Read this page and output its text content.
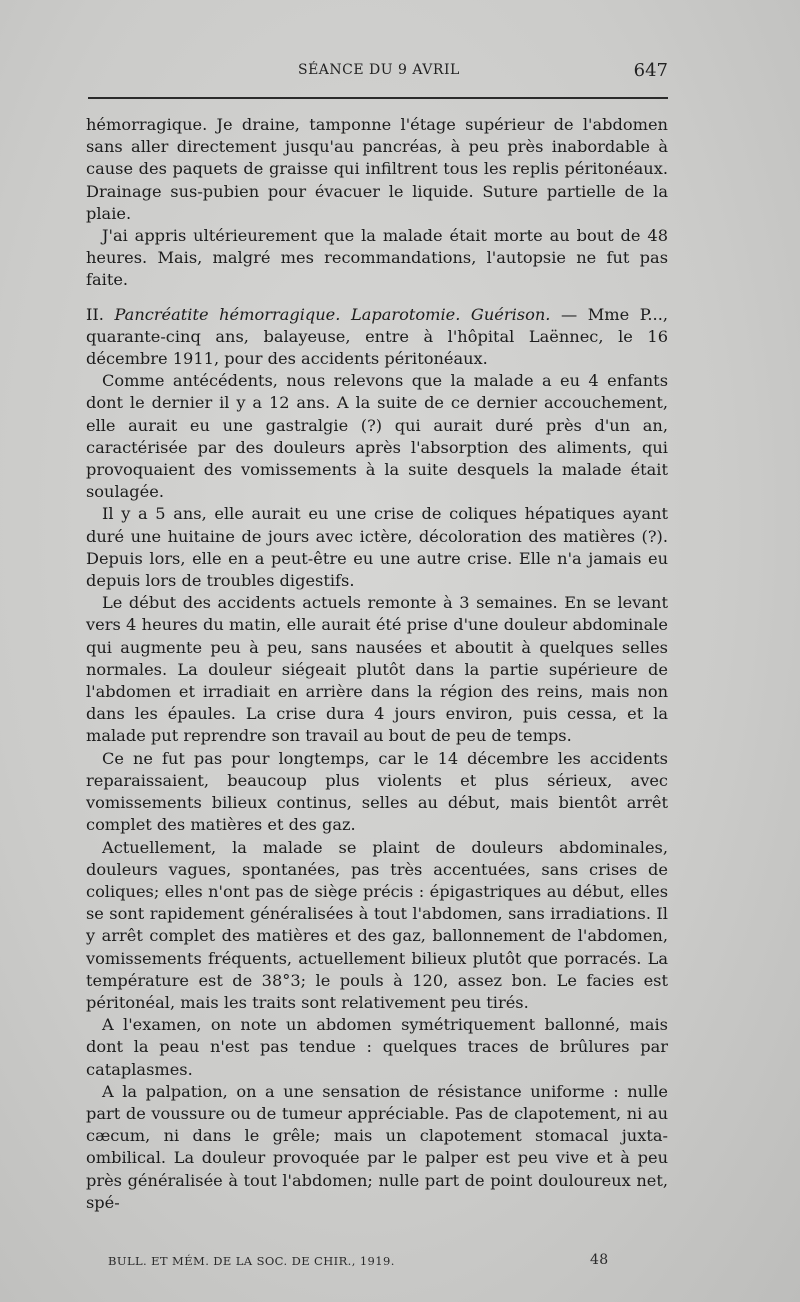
SÉANCE DU 9 AVRIL	647

hémorragique. Je draine, tamponne l'étage supérieur de l'abdomen sans aller directement jusqu'au pancréas, à peu près inabordable à cause des paquets de graisse qui infiltrent tous les replis péritonéaux. Drainage sus-pubien pour évacuer le liquide. Suture partielle de la plaie.

J'ai appris ultérieurement que la malade était morte au bout de 48 heures. Mais, malgré mes recommandations, l'autopsie ne fut pas faite.

II. Pancréatite hémorragique. Laparotomie. Guérison. — Mme P..., quarante-cinq ans, balayeuse, entre à l'hôpital Laënnec, le 16 décembre 1911, pour des accidents péritonéaux.

Comme antécédents, nous relevons que la malade a eu 4 enfants dont le dernier il y a 12 ans. A la suite de ce dernier accouchement, elle aurait eu une gastralgie (?) qui aurait duré près d'un an, caractérisée par des douleurs après l'absorption des aliments, qui provoquaient des vomissements à la suite desquels la malade était soulagée.

Il y a 5 ans, elle aurait eu une crise de coliques hépatiques ayant duré une huitaine de jours avec ictère, décoloration des matières (?). Depuis lors, elle en a peut-être eu une autre crise. Elle n'a jamais eu depuis lors de troubles digestifs.

Le début des accidents actuels remonte à 3 semaines. En se levant vers 4 heures du matin, elle aurait été prise d'une douleur abdominale qui augmente peu à peu, sans nausées et aboutit à quelques selles normales. La douleur siégeait plutôt dans la partie supérieure de l'abdomen et irradiait en arrière dans la région des reins, mais non dans les épaules. La crise dura 4 jours environ, puis cessa, et la malade put reprendre son travail au bout de peu de temps.

Ce ne fut pas pour longtemps, car le 14 décembre les accidents reparaissaient, beaucoup plus violents et plus sérieux, avec vomissements bilieux continus, selles au début, mais bientôt arrêt complet des matières et des gaz.

Actuellement, la malade se plaint de douleurs abdominales, douleurs vagues, spontanées, pas très accentuées, sans crises de coliques; elles n'ont pas de siège précis : épigastriques au début, elles se sont rapidement généralisées à tout l'abdomen, sans irradiations. Il y arrêt complet des matières et des gaz, ballonnement de l'abdomen, vomissements fréquents, actuellement bilieux plutôt que porracés. La température est de 38°3; le pouls à 120, assez bon. Le facies est péritonéal, mais les traits sont relativement peu tirés.

A l'examen, on note un abdomen symétriquement ballonné, mais dont la peau n'est pas tendue : quelques traces de brûlures par cataplasmes.

A la palpation, on a une sensation de résistance uniforme : nulle part de voussure ou de tumeur appréciable. Pas de clapotement, ni au cæcum, ni dans le grêle; mais un clapotement stomacal juxta-ombilical. La douleur provoquée par le palper est peu vive et à peu près généralisée à tout l'abdomen; nulle part de point douloureux net, spé-

BULL. ET MÉM. DE LA SOC. DE CHIR., 1919.	48
